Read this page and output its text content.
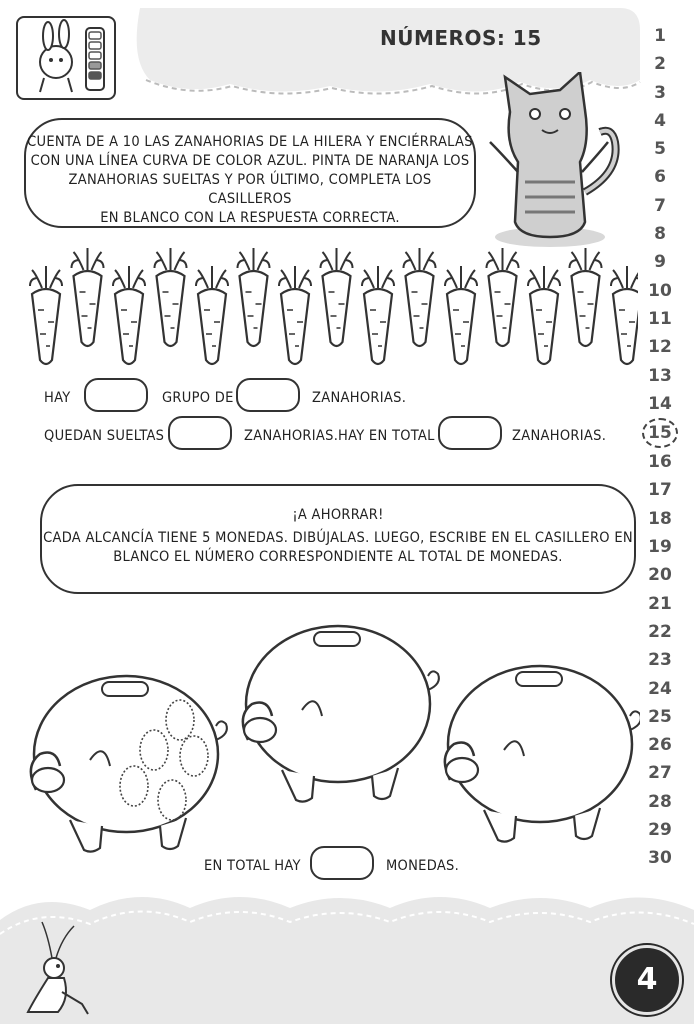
NÚMEROS: 15	1
2
3
4
5
6
7
8
9
10
11
12
13
14
15
16
17
18
19
20
21
22
23
24
25
26
27
28
29
30
CUENTA DE A 10 LAS ZANAHORIAS DE LA HILERA Y ENCIÉRRALAS
CON UNA LÍNEA CURVA DE COLOR AZUL. PINTA DE NARANJA LOS
ZANAHORIAS SUELTAS Y POR ÚLTIMO, COMPLETA LOS CASILLEROS
EN BLANCO CON LA RESPUESTA CORRECTA.
HAY	GRUPO DE	ZANAHORIAS.
QUEDAN SUELTAS	ZANAHORIAS. HAY EN TOTAL	ZANAHORIAS.
¡A AHORRAR!
CADA ALCANCÍA TIENE 5 MONEDAS. DIBÚJALAS. LUEGO, ESCRIBE EN EL CASILLERO EN
BLANCO EL NÚMERO CORRESPONDIENTE AL TOTAL DE MONEDAS.
EN TOTAL HAY	MONEDAS.
4
